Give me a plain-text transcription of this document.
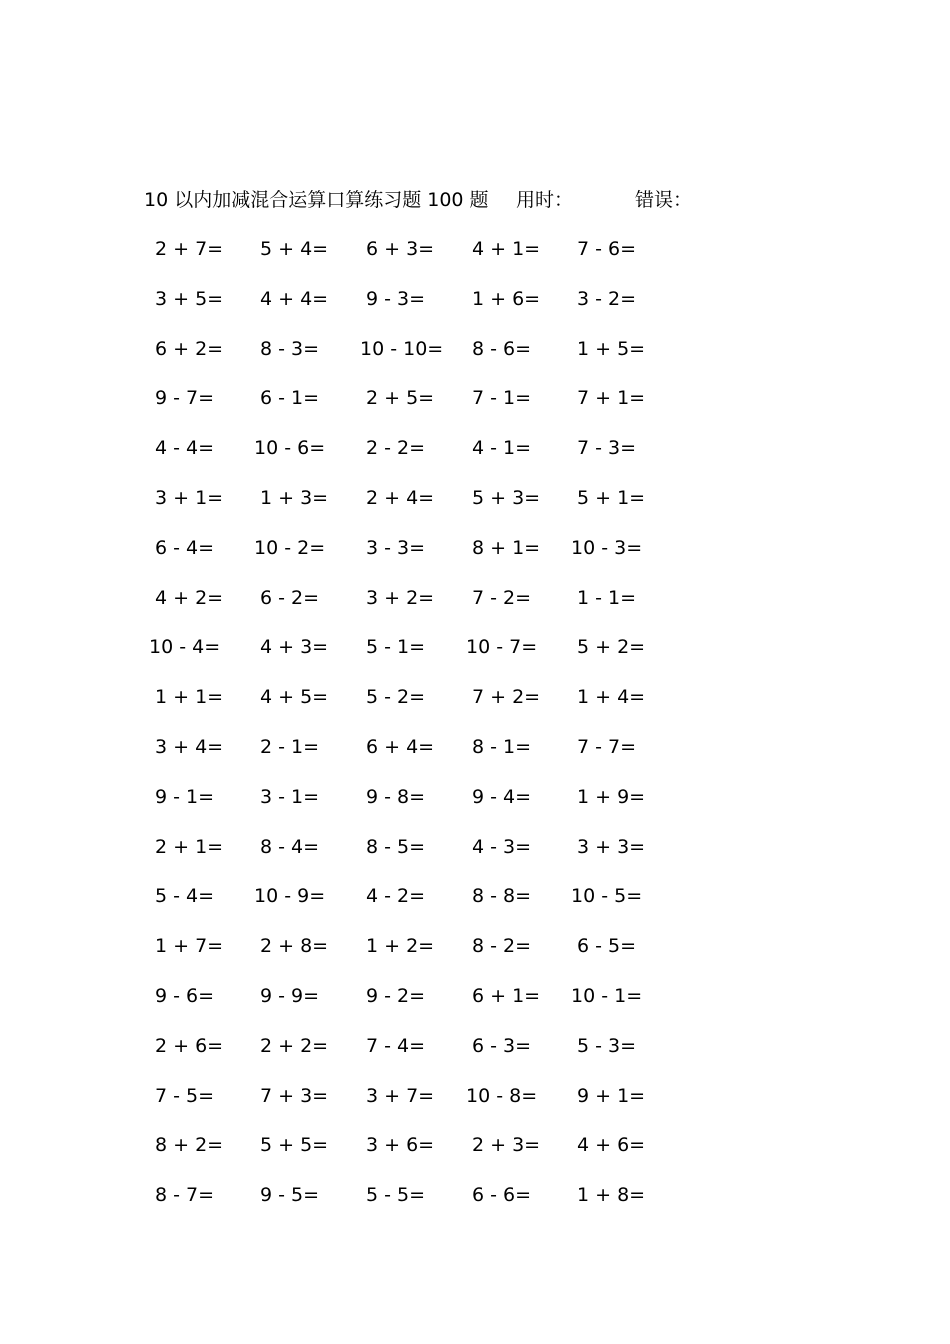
10 以内加减混合运算口算练习题 100 题 用时：	错误：
2 + 7= 5 + 4= 6 + 3= 4 + 1= 7 - 6=
3 + 5= 4 + 4= 9 - 3= 1 + 6= 3 - 2=
6 + 2= 8 - 3= 10 - 10= 8 - 6= 1 + 5=
9 - 7= 6 - 1= 2 + 5= 7 - 1= 7 + 1=
4 - 4= 10 - 6= 2 - 2= 4 - 1= 7 - 3=
3 + 1= 1 + 3= 2 + 4= 5 + 3= 5 + 1=
6 - 4= 10 - 2= 3 - 3= 8 + 1= 10 - 3=
4 + 2= 6 - 2= 3 + 2= 7 - 2= 1 - 1=
10 - 4= 4 + 3= 5 - 1= 10 - 7= 5 + 2=
1 + 1= 4 + 5= 5 - 2= 7 + 2= 1 + 4=
3 + 4= 2 - 1= 6 + 4= 8 - 1= 7 - 7=
9 - 1= 3 - 1= 9 - 8= 9 - 4= 1 + 9=
2 + 1= 8 - 4= 8 - 5= 4 - 3= 3 + 3=
5 - 4= 10 - 9= 4 - 2= 8 - 8= 10 - 5=
1 + 7= 2 + 8= 1 + 2= 8 - 2= 6 - 5=
9 - 6= 9 - 9= 9 - 2= 6 + 1= 10 - 1=
2 + 6= 2 + 2= 7 - 4= 6 - 3= 5 - 3=
7 - 5= 7 + 3= 3 + 7= 10 - 8= 9 + 1=
8 + 2= 5 + 5= 3 + 6= 2 + 3= 4 + 6=
8 - 7= 9 - 5= 5 - 5= 6 - 6= 1 + 8=
